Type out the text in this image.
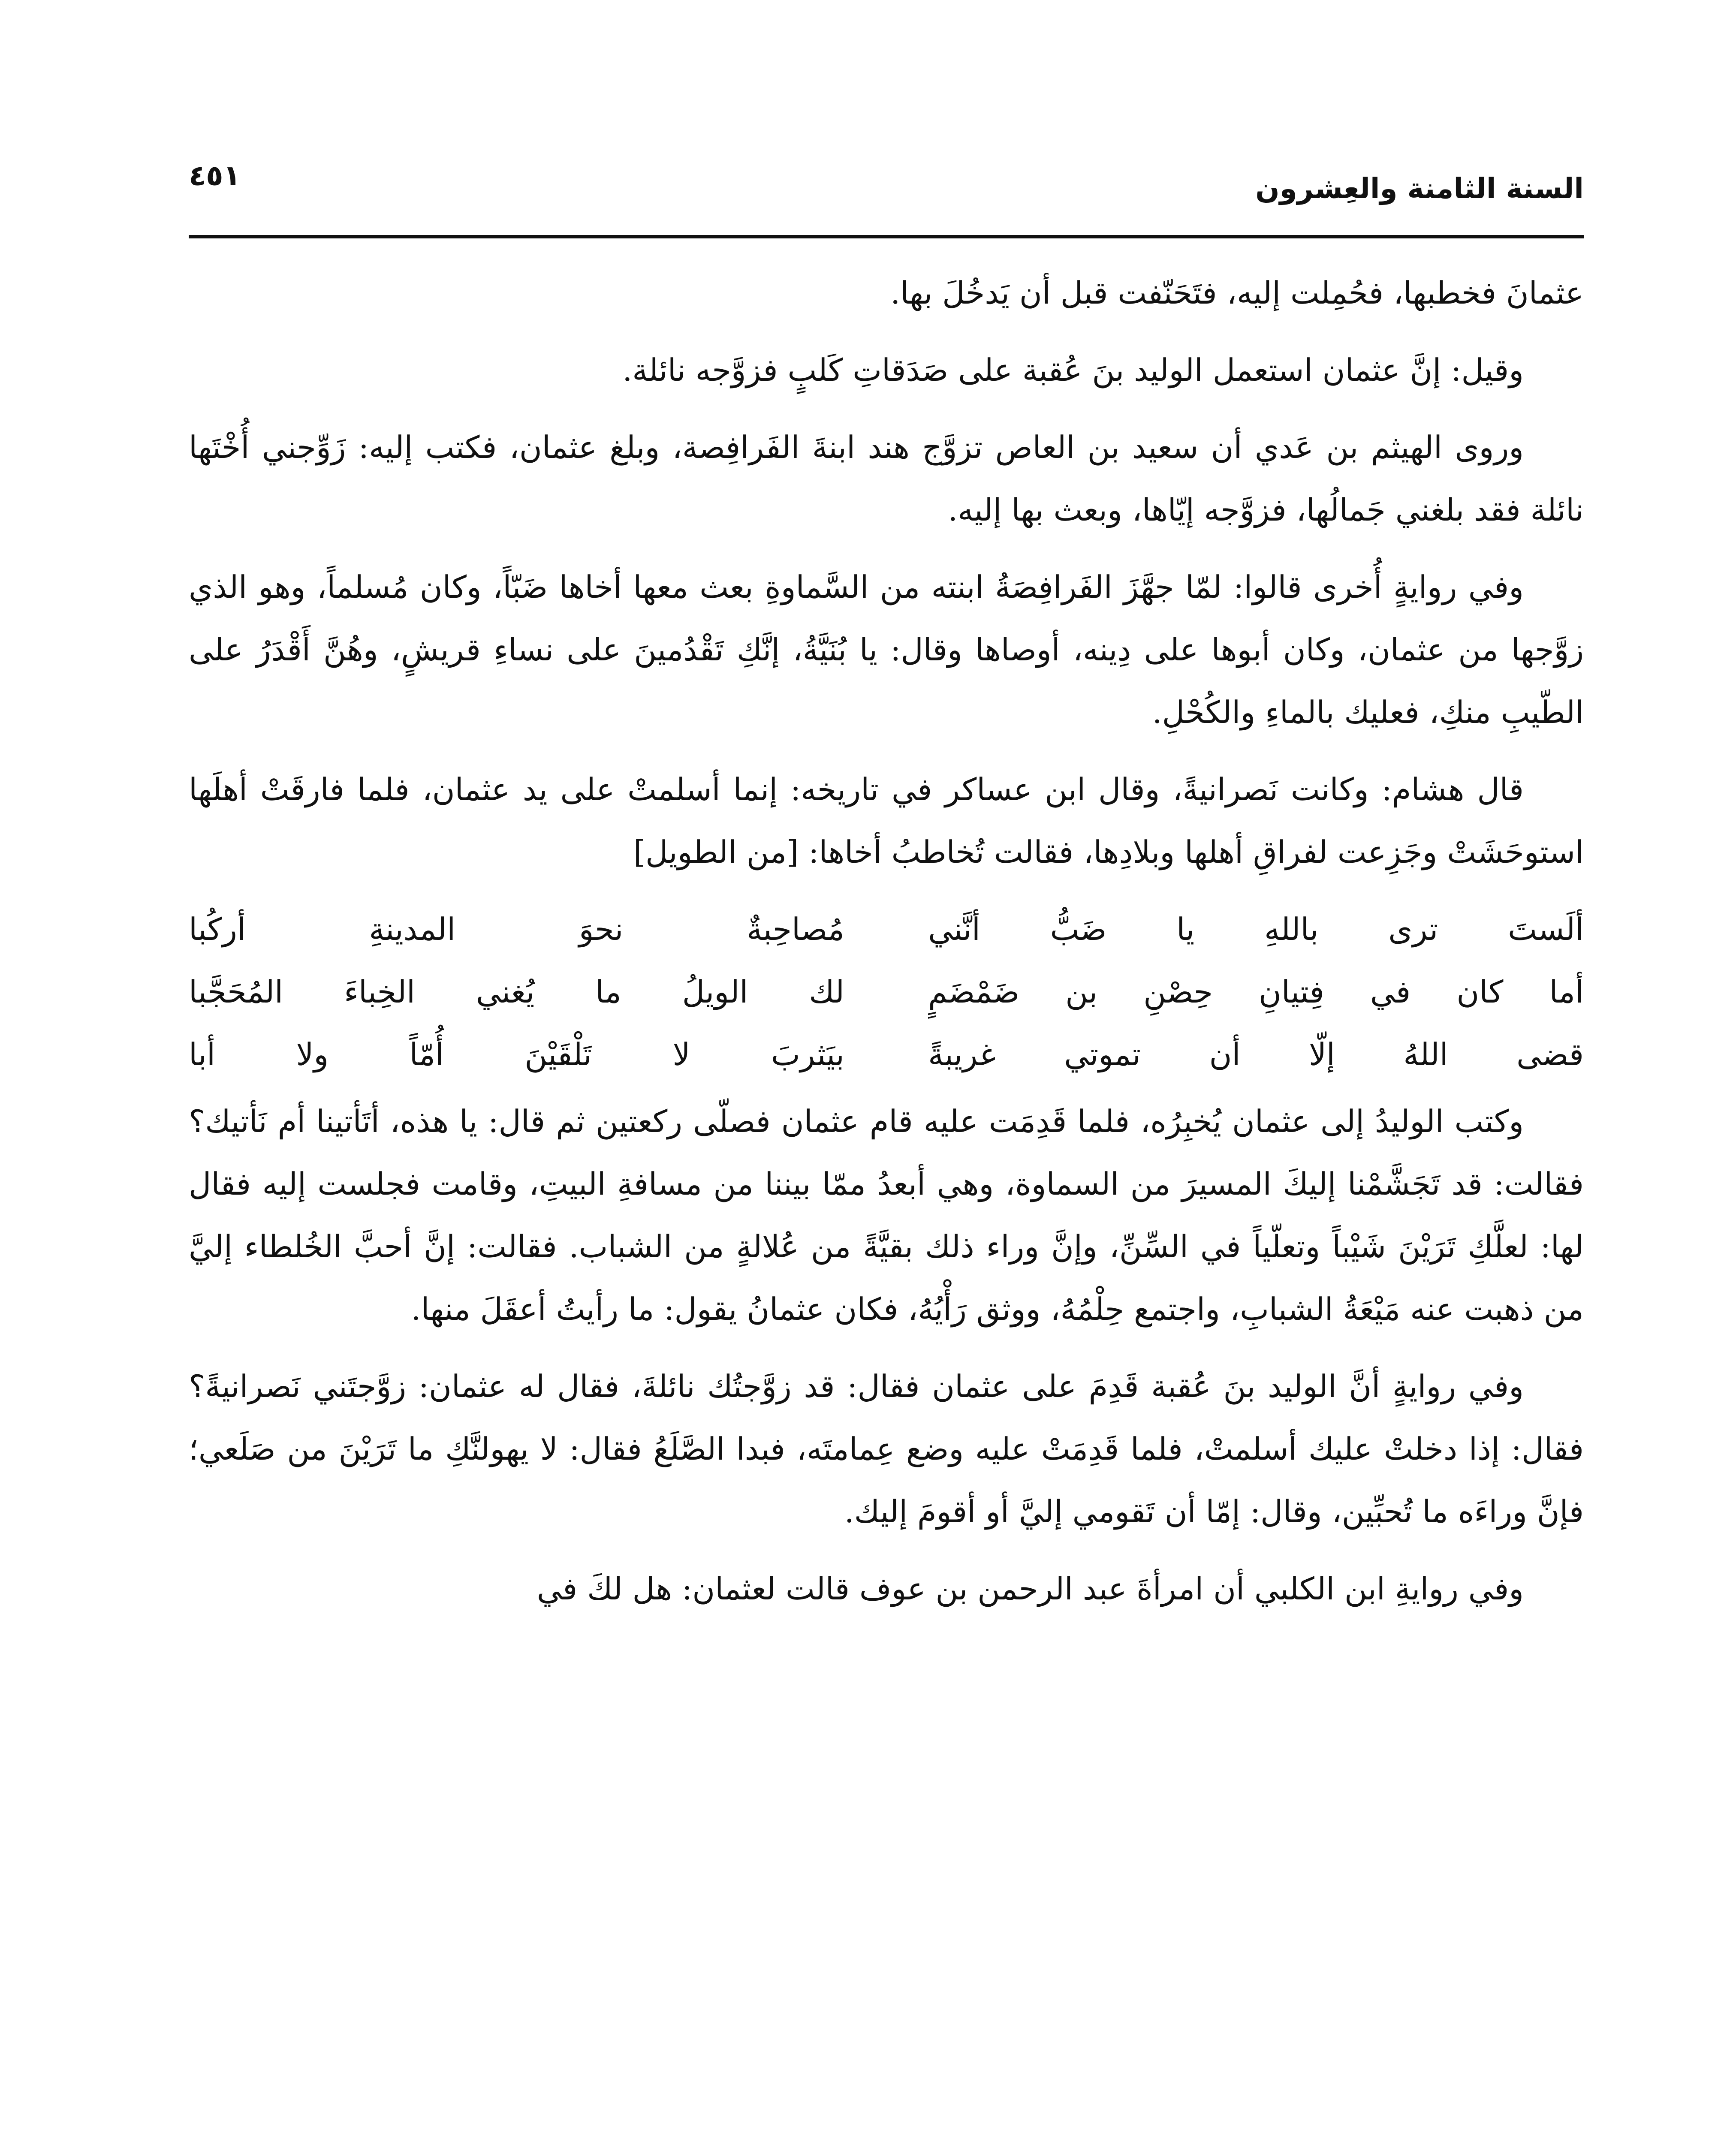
السنة الثامنة والعِشرون
٤٥١

عثمانَ فخطبها، فحُمِلت إليه، فتَحَنّفت قبل أن يَدخُلَ بها.

وقيل: إنَّ عثمان استعمل الوليد بنَ عُقبة على صَدَقاتِ كَلبٍ فزوَّجه نائلة.

وروى الهيثم بن عَدي أن سعيد بن العاص تزوَّج هند ابنةَ الفَرافِصة، وبلغ عثمان، فكتب إليه: زَوِّجني أُخْتَها نائلة فقد بلغني جَمالُها، فزوَّجه إيّاها، وبعث بها إليه.

وفي روايةٍ أُخرى قالوا: لمّا جهَّزَ الفَرافِصَةُ ابنته من السَّماوةِ بعث معها أخاها ضَبّاً، وكان مُسلماً، وهو الذي زوَّجها من عثمان، وكان أبوها على دِينه، أوصاها وقال: يا بُنَيَّةُ، إنَّكِ تَقْدُمينَ على نساءِ قريشٍ، وهُنَّ أَقْدَرُ على الطّيبِ منكِ، فعليك بالماءِ والكُحْلِ.

قال هشام: وكانت نَصرانيةً، وقال ابن عساكر في تاريخه: إنما أسلمتْ على يد عثمان، فلما فارقَتْ أهلَها استوحَشَتْ وجَزِعت لفراقِ أهلها وبلادِها، فقالت تُخاطبُ أخاها: [من الطويل]

ألَستَ ترى باللهِ يا ضَبُّ أنَّني
مُصاحِبةٌ نحوَ المدينةِ أركُبا
أما كان في فِتيانِ حِصْنِ بن ضَمْضَمٍ
لك الويلُ ما يُغني الخِباءَ المُحَجَّبا
قضى اللهُ إلّا أن تموتي غريبةً
بيَثربَ لا تَلْقَيْنَ أُمّاً ولا أبا

وكتب الوليدُ إلى عثمان يُخبِرُه، فلما قَدِمَت عليه قام عثمان فصلّى ركعتين ثم قال: يا هذه، أتَأتينا أم نَأتيك؟ فقالت: قد تَجَشَّمْنا إليكَ المسيرَ من السماوة، وهي أبعدُ ممّا بيننا من مسافةِ البيتِ، وقامت فجلست إليه فقال لها: لعلَّكِ تَرَيْنَ شَيْباً وتعلّياً في السِّنِّ، وإنَّ وراء ذلك بقيَّةً من عُلالةٍ من الشباب. فقالت: إنَّ أحبَّ الخُلطاء إليَّ من ذهبت عنه مَيْعَةُ الشبابِ، واجتمع حِلْمُهُ، ووثق رَأْيُهُ، فكان عثمانُ يقول: ما رأيتُ أعقَلَ منها.

وفي روايةٍ أنَّ الوليد بنَ عُقبة قَدِمَ على عثمان فقال: قد زوَّجتُك نائلةَ، فقال له عثمان: زوَّجتَني نَصرانيةً؟ فقال: إذا دخلتْ عليك أسلمتْ، فلما قَدِمَتْ عليه وضع عِمامتَه، فبدا الصَّلَعُ فقال: لا يهولنَّكِ ما تَرَيْنَ من صَلَعي؛ فإنَّ وراءَه ما تُحبِّين، وقال: إمّا أن تَقومي إليَّ أو أقومَ إليك.

وفي روايةِ ابن الكلبي أن امرأةَ عبد الرحمن بن عوف قالت لعثمان: هل لكَ في
